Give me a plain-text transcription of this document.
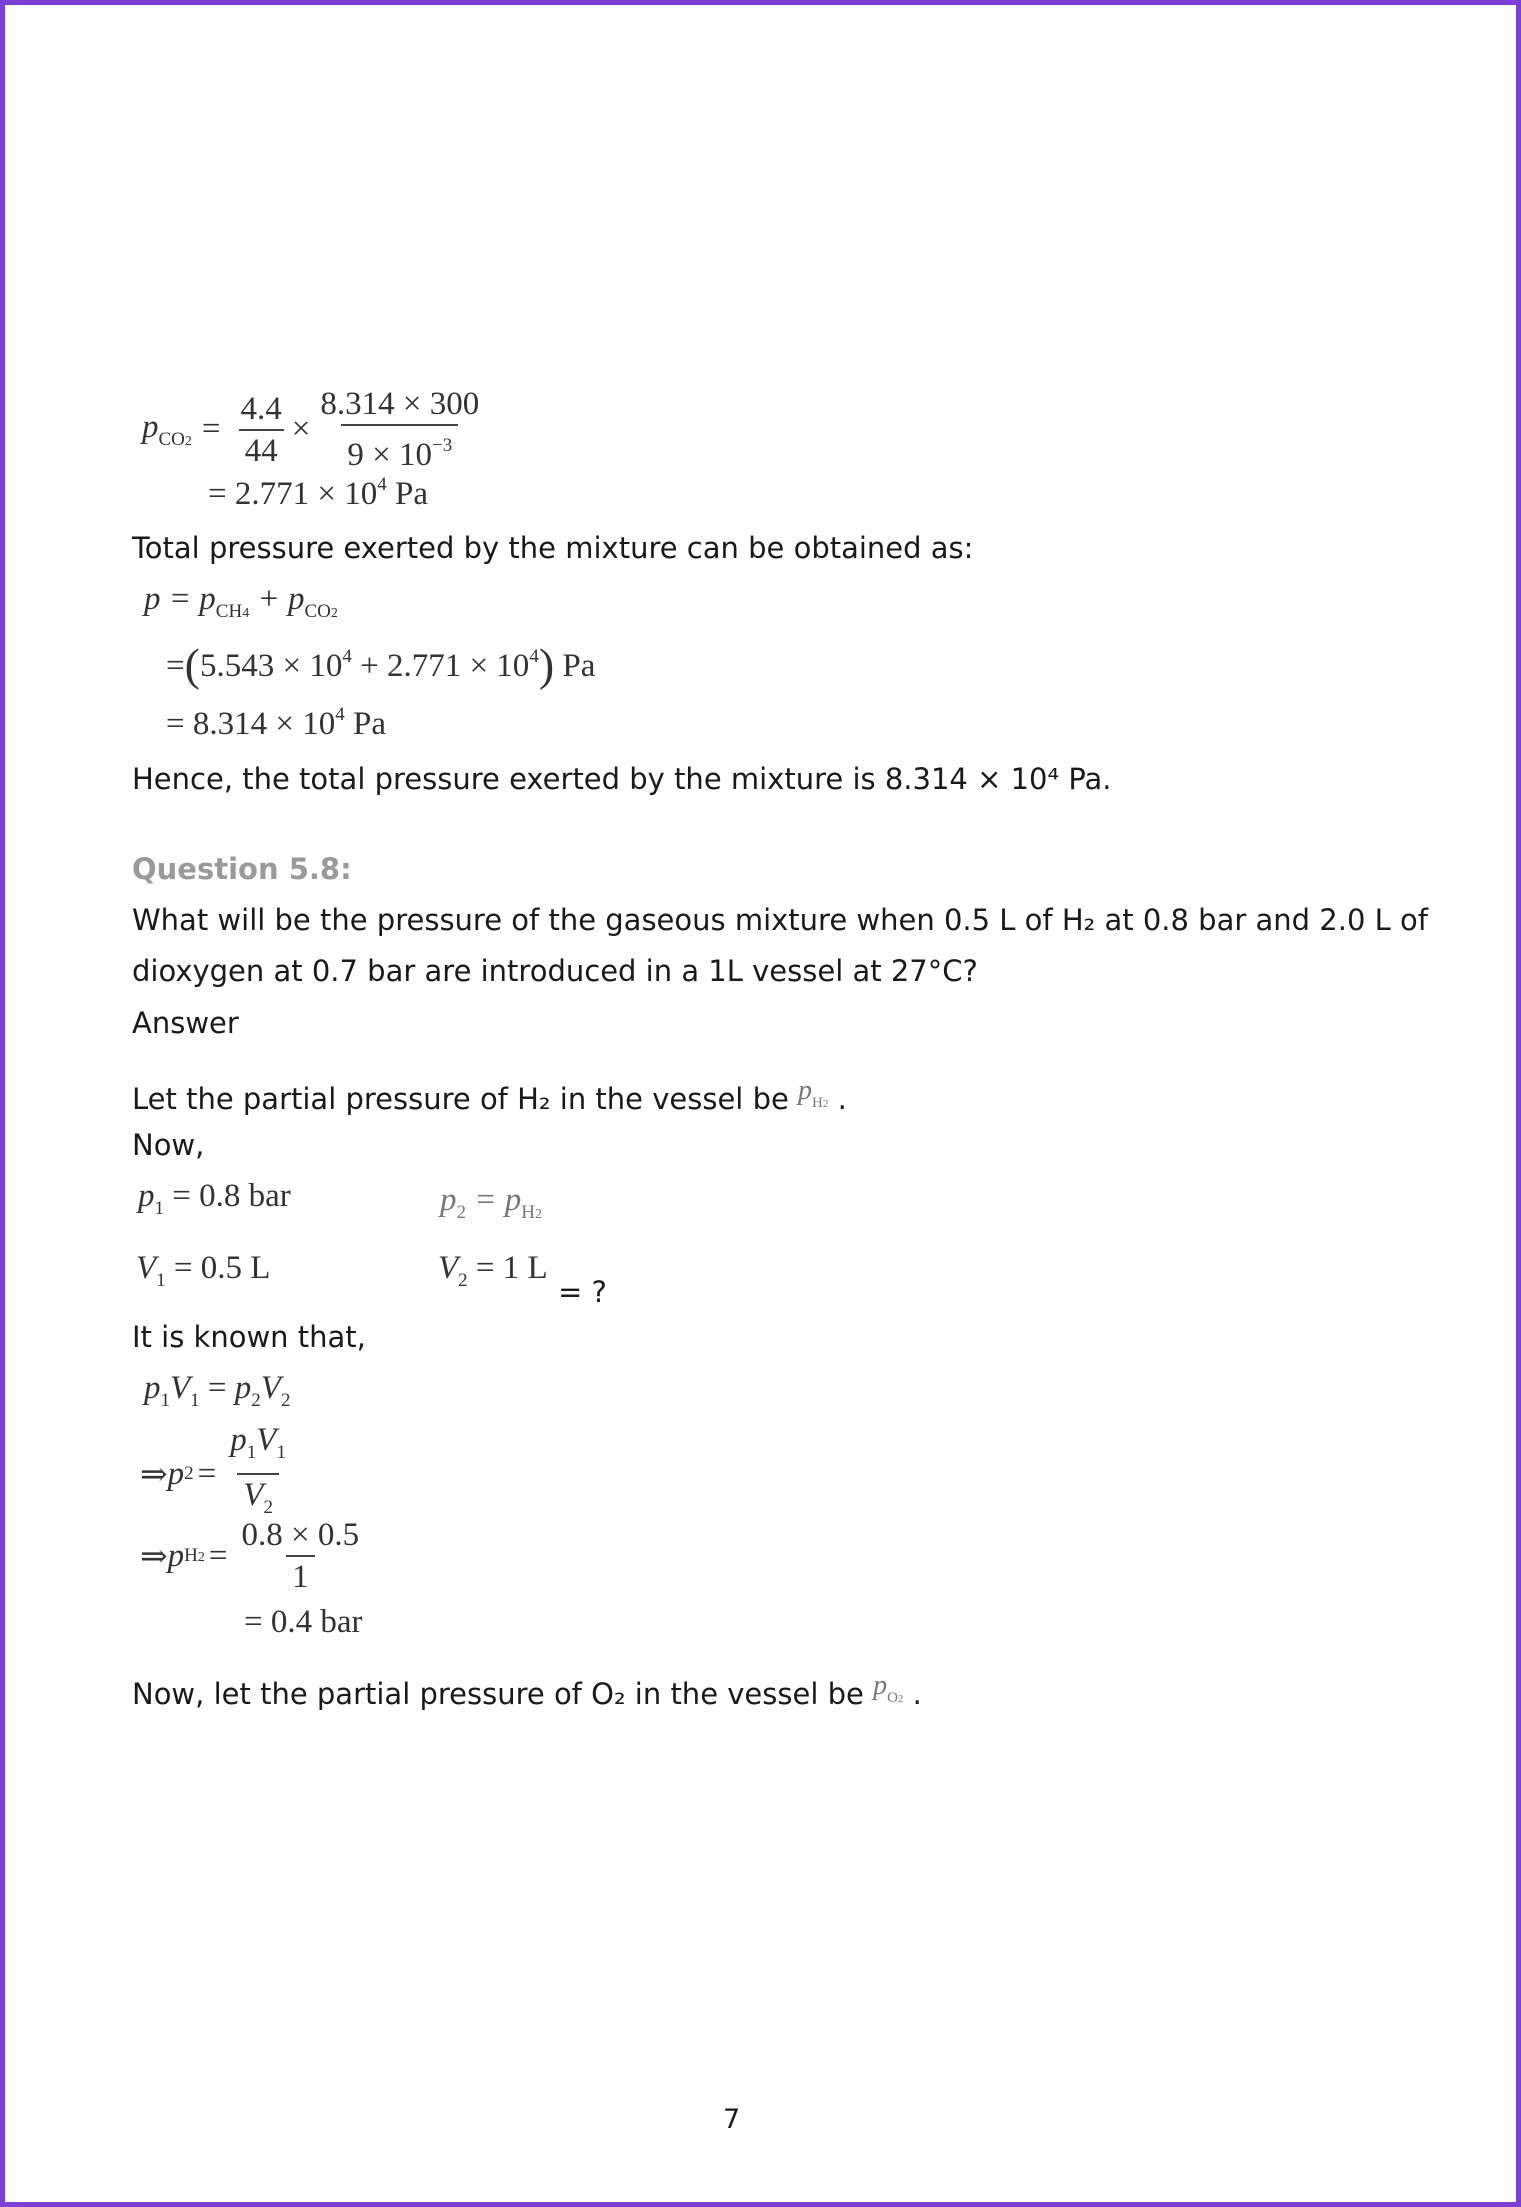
$p_{CO2} = \frac{4.4}{44} \times \frac{8.314 \times 300}{9 \times 10^{-3}}$
= $2.771 \times 10^4$ Pa
Total pressure exerted by the mixture can be obtained as:
$p = p_{CH4} + p_{CO2}$
$=(5.543 \times 10^4 + 2.771 \times 10^4)$ Pa
= $8.314 \times 10^4$ Pa
Hence, the total pressure exerted by the mixture is 8.314 × 10⁴ Pa.
Question 5.8:
What will be the pressure of the gaseous mixture when 0.5 L of H₂ at 0.8 bar and 2.0 L of
dioxygen at 0.7 bar are introduced in a 1L vessel at 27°C?
Answer
Let the partial pressure of H₂ in the vessel be $p_{H2}$ .
Now,
$p_1 = 0.8$ bar	$p_2 = p_{H2}$
$V_1 = 0.5$ L	$V_2 = 1$ L
= ?
It is known that,
$p_1V_1 = p_2V_2$
⇒ p $2 = \frac{p_1V_1}{V_2}$
⇒ p $H2 = \frac{0.8 \times 0.5}{1}$
= 0.4 bar
Now, let the partial pressure of O₂ in the vessel be $p_{O2}$ .
7
